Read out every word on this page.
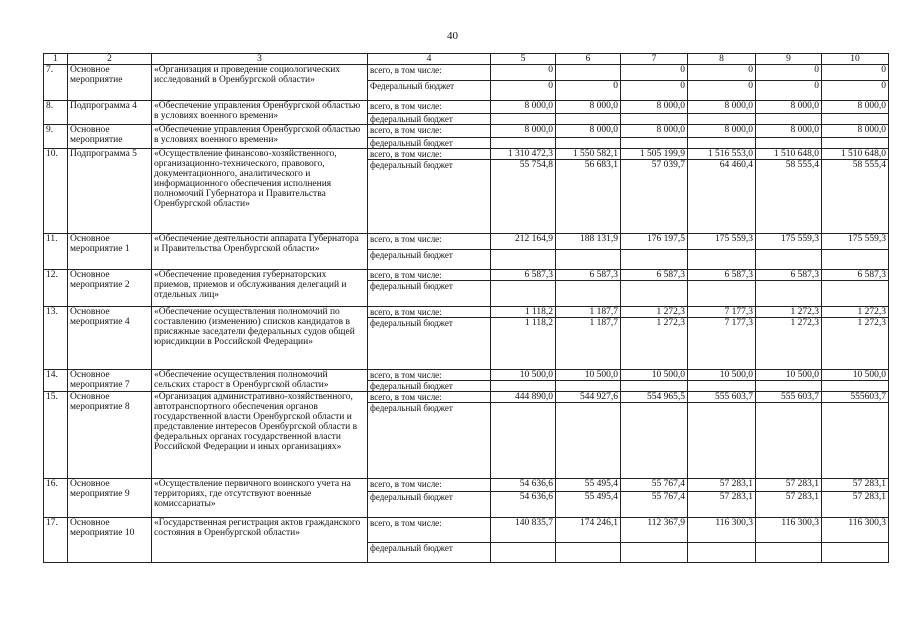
40
1	2	3	4	5	6	7	8	9	10
7.	Основное мероприятие	«Организация и проведение социологических исследований в Оренбургской области»	всего, в том числе:	0		0	0	0	0
			Федеральный бюджет	0	0	0	0	0	0
8.	Подпрограмма 4	«Обеспечение управления Оренбургской областью в условиях военного времени»	всего, в том числе:	8 000,0	8 000,0	8 000,0	8 000,0	8 000,0	8 000,0
			федеральный бюджет						
9.	Основное мероприятие	«Обеспечение управления Оренбургской областью в условиях военного времени»	всего, в том числе:	8 000,0	8 000,0	8 000,0	8 000,0	8 000,0	8 000,0
			федеральный бюджет						
10.	Подпрограмма 5	«Осуществление финансово-хозяйственного, организационно-технического, правового, документационного, аналитического и информационного обеспечения исполнения полномочий Губернатора и Правительства Оренбургской области»	всего, в том числе:	1 310 472,3	1 550 582,1	1 505 199,9	1 516 553,0	1 510 648,0	1 510 648,0
			федеральный бюджет	55 754,8	56 683,1	57 039,7	64 460,4	58 555,4	58 555,4
11.	Основное мероприятие 1	«Обеспечение деятельности аппарата Губернатора и Правительства Оренбургской области»	всего, в том числе:	212 164,9	188 131,9	176 197,5	175 559,3	175 559,3	175 559,3
			федеральный бюджет						
12.	Основное мероприятие 2	«Обеспечение проведения губернаторских приемов, приемов и обслуживания делегаций и отдельных лиц»	всего, в том числе:	6 587,3	6 587,3	6 587,3	6 587,3	6 587,3	6 587,3
			федеральный бюджет						
13.	Основное мероприятие 4	«Обеспечение осуществления полномочий по составлению (изменению) списков кандидатов в присяжные заседатели федеральных судов общей юрисдикции в Российской Федерации»	всего, в том числе:	1 118,2	1 187,7	1 272,3	7 177,3	1 272,3	1 272,3
			федеральный бюджет	1 118,2	1 187,7	1 272,3	7 177,3	1 272,3	1 272,3
14.	Основное мероприятие 7	«Обеспечение осуществления полномочий сельских старост в Оренбургской области»	всего, в том числе:	10 500,0	10 500,0	10 500,0	10 500,0	10 500,0	10 500,0
			федеральный бюджет						
15.	Основное мероприятие 8	«Организация административно-хозяйственного, автотранспортного обеспечения органов государственной власти Оренбургской области и представление интересов Оренбургской области в федеральных органах государственной власти Российской Федерации и иных организациях»	всего, в том числе:	444 890,0	544 927,6	554 965,5	555 603,7	555 603,7	555603,7
			федеральный бюджет						
16.	Основное мероприятие 9	«Осуществление первичного воинского учета на территориях, где отсутствуют военные комиссариаты»	всего, в том числе:	54 636,6	55 495,4	55 767,4	57 283,1	57 283,1	57 283,1
			федеральный бюджет	54 636,6	55 495,4	55 767,4	57 283,1	57 283,1	57 283,1
17.	Основное мероприятие 10	«Государственная регистрация актов гражданского состояния в Оренбургской области»	всего, в том числе:	140 835,7	174 246,1	112 367,9	116 300,3	116 300,3	116 300,3
			федеральный бюджет						
